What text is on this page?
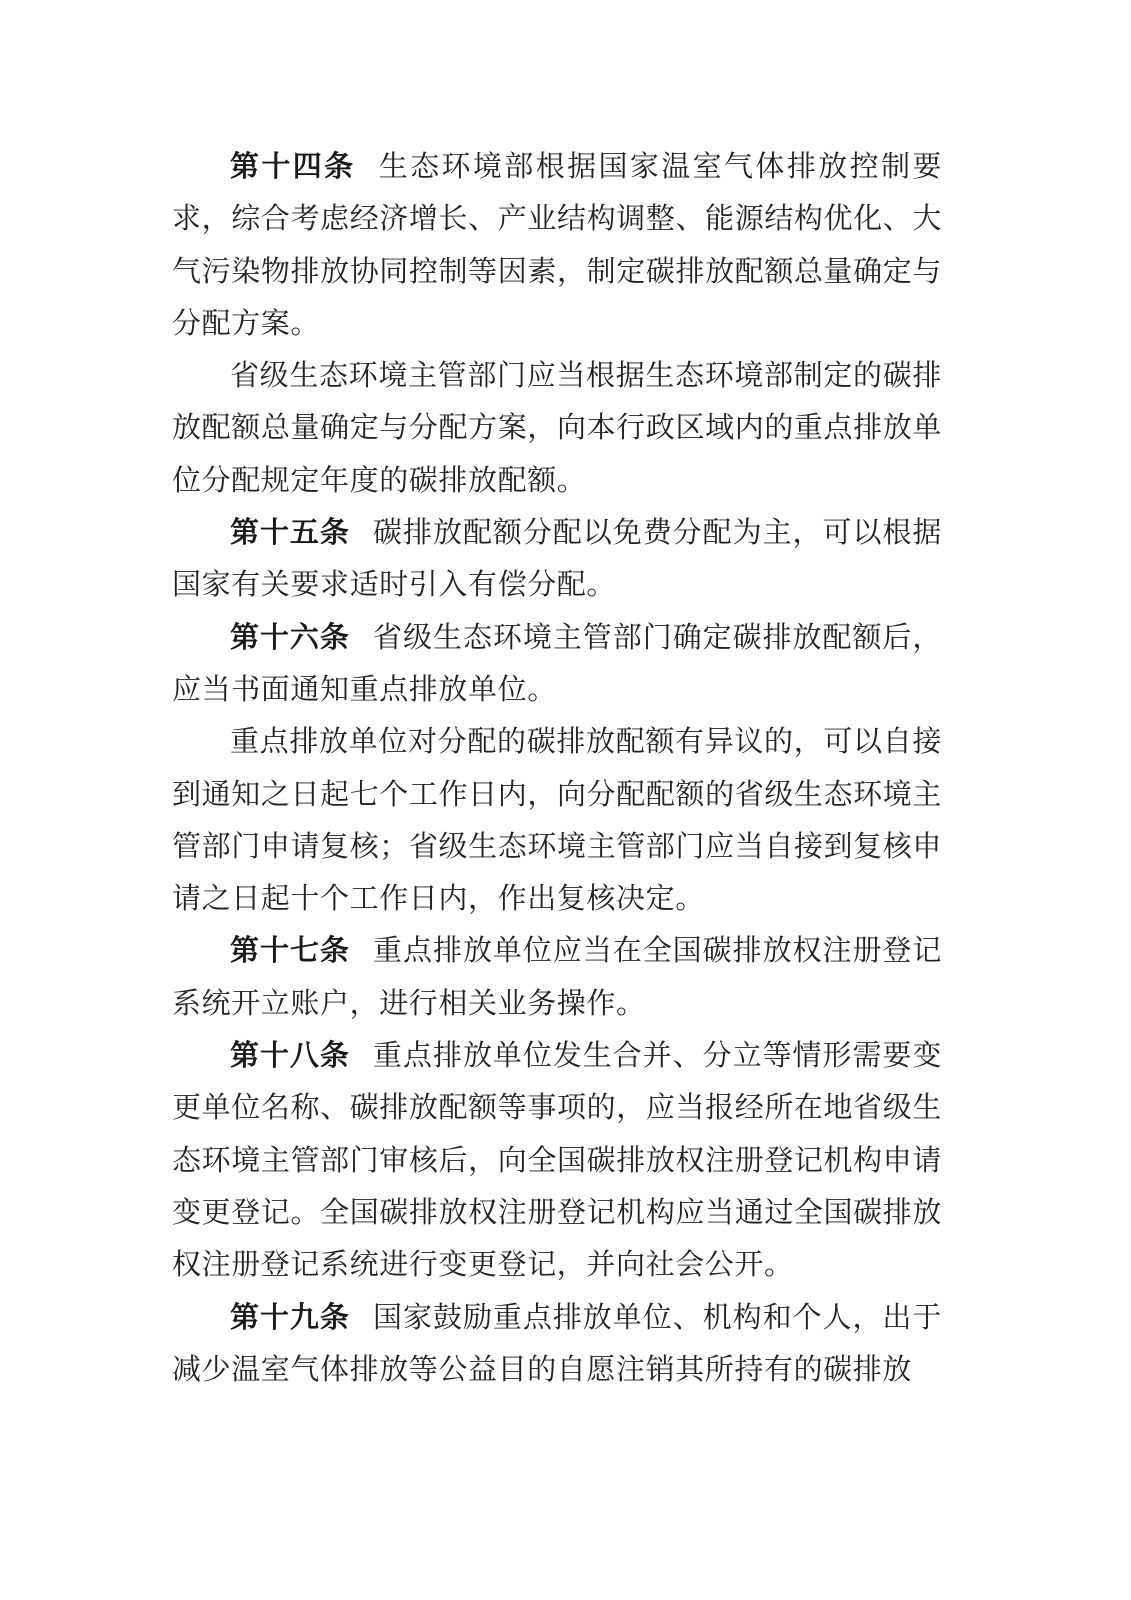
第十四条 生态环境部根据国家温室气体排放控制要求，综合考虑经济增长、产业结构调整、能源结构优化、大气污染物排放协同控制等因素，制定碳排放配额总量确定与分配方案。

省级生态环境主管部门应当根据生态环境部制定的碳排放配额总量确定与分配方案，向本行政区域内的重点排放单位分配规定年度的碳排放配额。

第十五条 碳排放配额分配以免费分配为主，可以根据国家有关要求适时引入有偿分配。

第十六条 省级生态环境主管部门确定碳排放配额后，应当书面通知重点排放单位。

重点排放单位对分配的碳排放配额有异议的，可以自接到通知之日起七个工作日内，向分配配额的省级生态环境主管部门申请复核；省级生态环境主管部门应当自接到复核申请之日起十个工作日内，作出复核决定。

第十七条 重点排放单位应当在全国碳排放权注册登记系统开立账户，进行相关业务操作。

第十八条 重点排放单位发生合并、分立等情形需要变更单位名称、碳排放配额等事项的，应当报经所在地省级生态环境主管部门审核后，向全国碳排放权注册登记机构申请变更登记。全国碳排放权注册登记机构应当通过全国碳排放权注册登记系统进行变更登记，并向社会公开。

第十九条 国家鼓励重点排放单位、机构和个人，出于减少温室气体排放等公益目的自愿注销其所持有的碳排放
